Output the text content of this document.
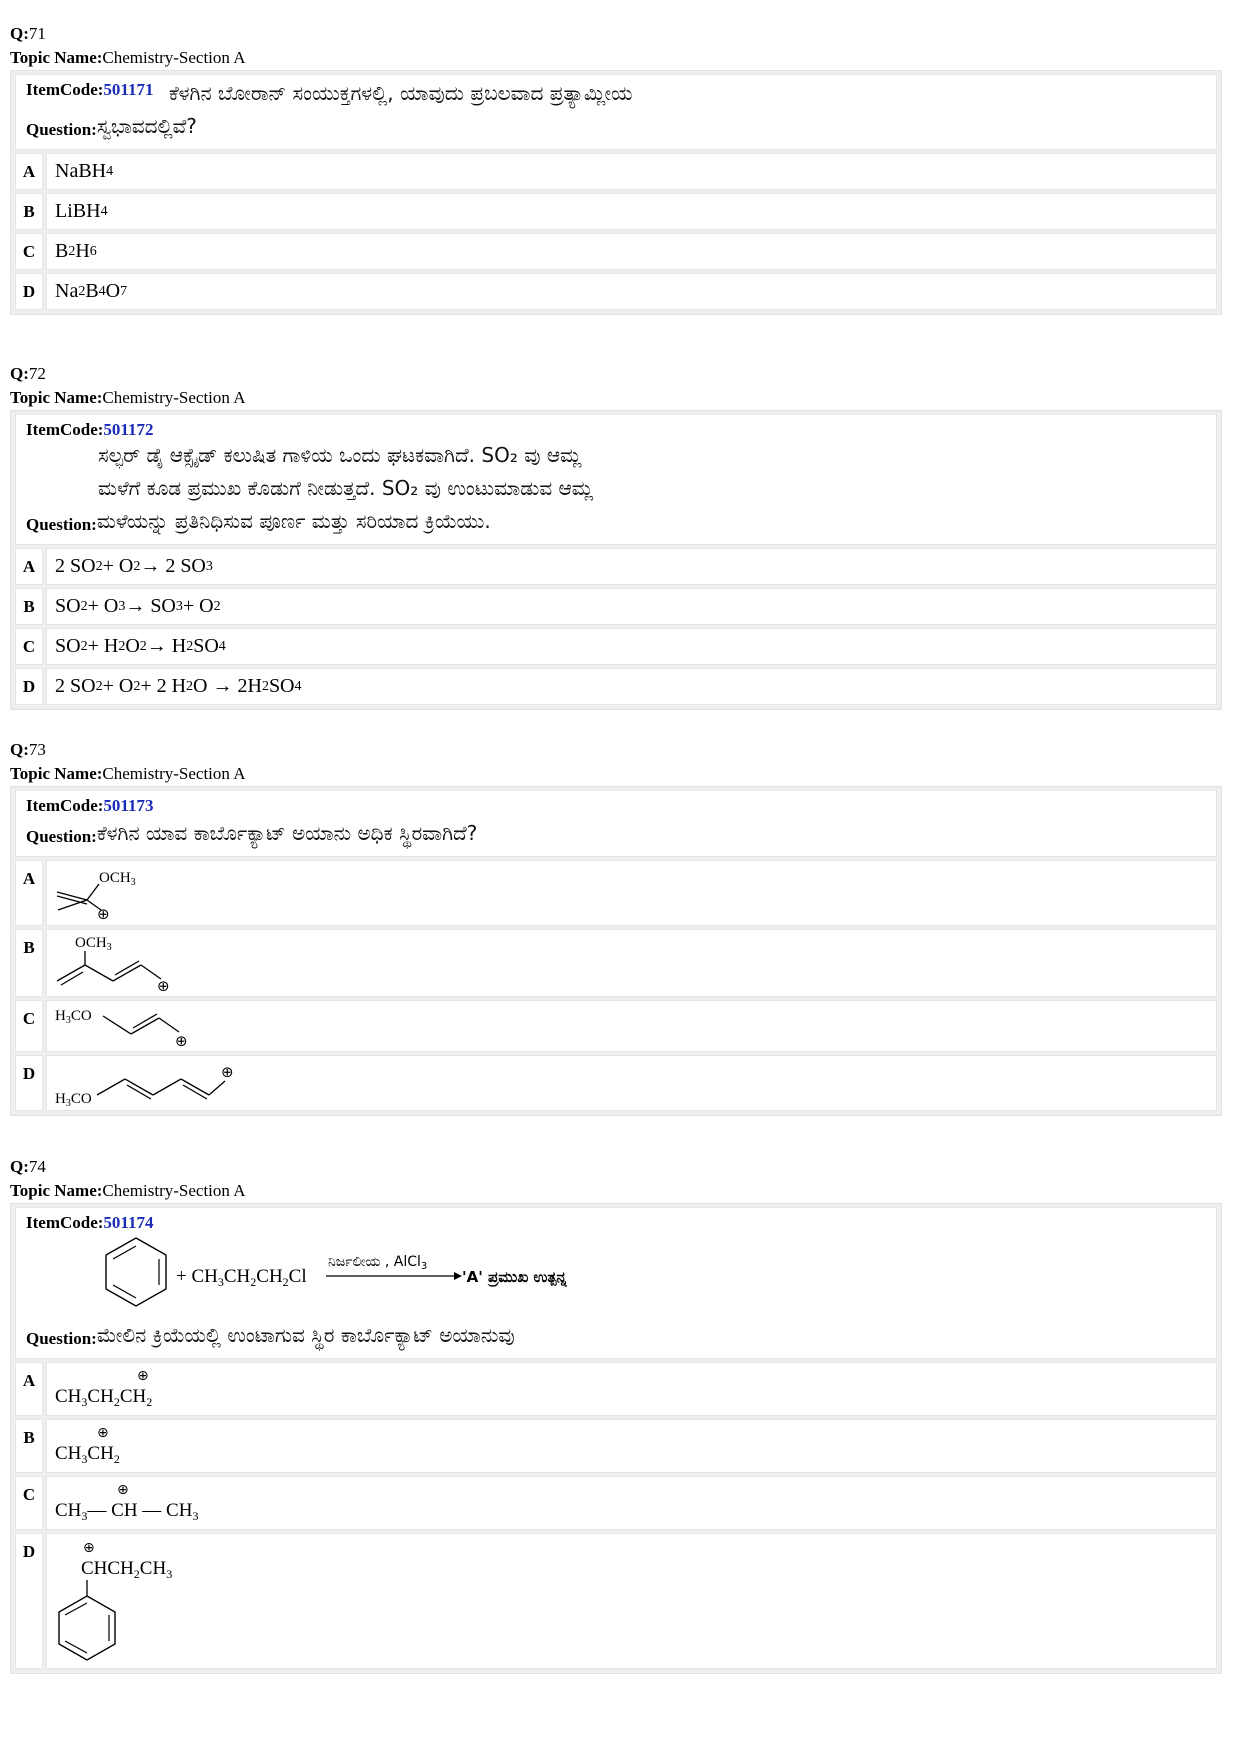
Q:71
Topic Name:Chemistry-Section A
ItemCode:501171
Question:
ಕೆಳಗಿನ ಬೋರಾನ್ ಸಂಯುಕ್ತಗಳಲ್ಲಿ, ಯಾವುದು ಪ್ರಬಲವಾದ ಪ್ರತ್ಯಾಮ್ಲೀಯ
ಸ್ವಭಾವದಲ್ಲಿವೆ?
A NaBH 4
B	LiBH 4
C B 2 H 6
D Na 2 B 4 O 7
Q:72
Topic Name:Chemistry-Section A
ItemCode:501172
ಸಲ್ಫರ್ ಡೈ ಆಕ್ಸೈಡ್ ಕಲುಷಿತ ಗಾಳಿಯ ಒಂದು ಘಟಕವಾಗಿದೆ. SO₂ ವು ಆಮ್ಲ
ಮಳೆಗೆ ಕೂಡ ಪ್ರಮುಖ ಕೊಡುಗೆ ನೀಡುತ್ತದೆ. SO₂ ವು ಉಂಟುಮಾಡುವ ಆಮ್ಲ
Question: ಮಳೆಯನ್ನು ಪ್ರತಿನಿಧಿಸುವ ಪೂರ್ಣ ಮತ್ತು ಸರಿಯಾದ ಕ್ರಿಯೆಯು.
A 2 SO 2 + O 2 → 2 SO 3
B	SO 2 + O 3 → SO 3 + O 2
C SO 2 + H 2 O 2 → H 2 SO 4
D 2 SO 2 + O 2 + 2 H 2 O → 2H 2 SO 4
Q:73
Topic Name:Chemistry-Section A
ItemCode:501173
Question: ಕೆಳಗಿನ ಯಾವ ಕಾರ್ಬೊಕ್ಯಾಟ್ ಅಯಾನು ಅಧಿಕ ಸ್ಥಿರವಾಗಿದೆ?
A	$OCH_3$
⊕
B	$OCH_3$
⊕
C	$H_3CO$
⊕
D
$H_3CO$
⊕
Q:74
Topic Name:Chemistry-Section A
ItemCode:501174
+ $CH_3CH_2CH_2Cl$
ನಿರ್ಜಲೀಯ , AlCl$_3$
'A' ಪ್ರಮುಖ ಉತ್ಪನ್ನ
Question: ಮೇಲಿನ ಕ್ರಿಯೆಯಲ್ಲಿ ಉಂಟಾಗುವ ಸ್ಥಿರ ಕಾರ್ಬೊಕ್ಯಾಟ್ ಅಯಾನುವು
A	⊕
$CH_3CH_2CH_2$
B	⊕
$CH_3CH_2$
C	⊕
$CH_3—$ CH — $CH_3$
D	⊕
$CHCH_2CH_3$
